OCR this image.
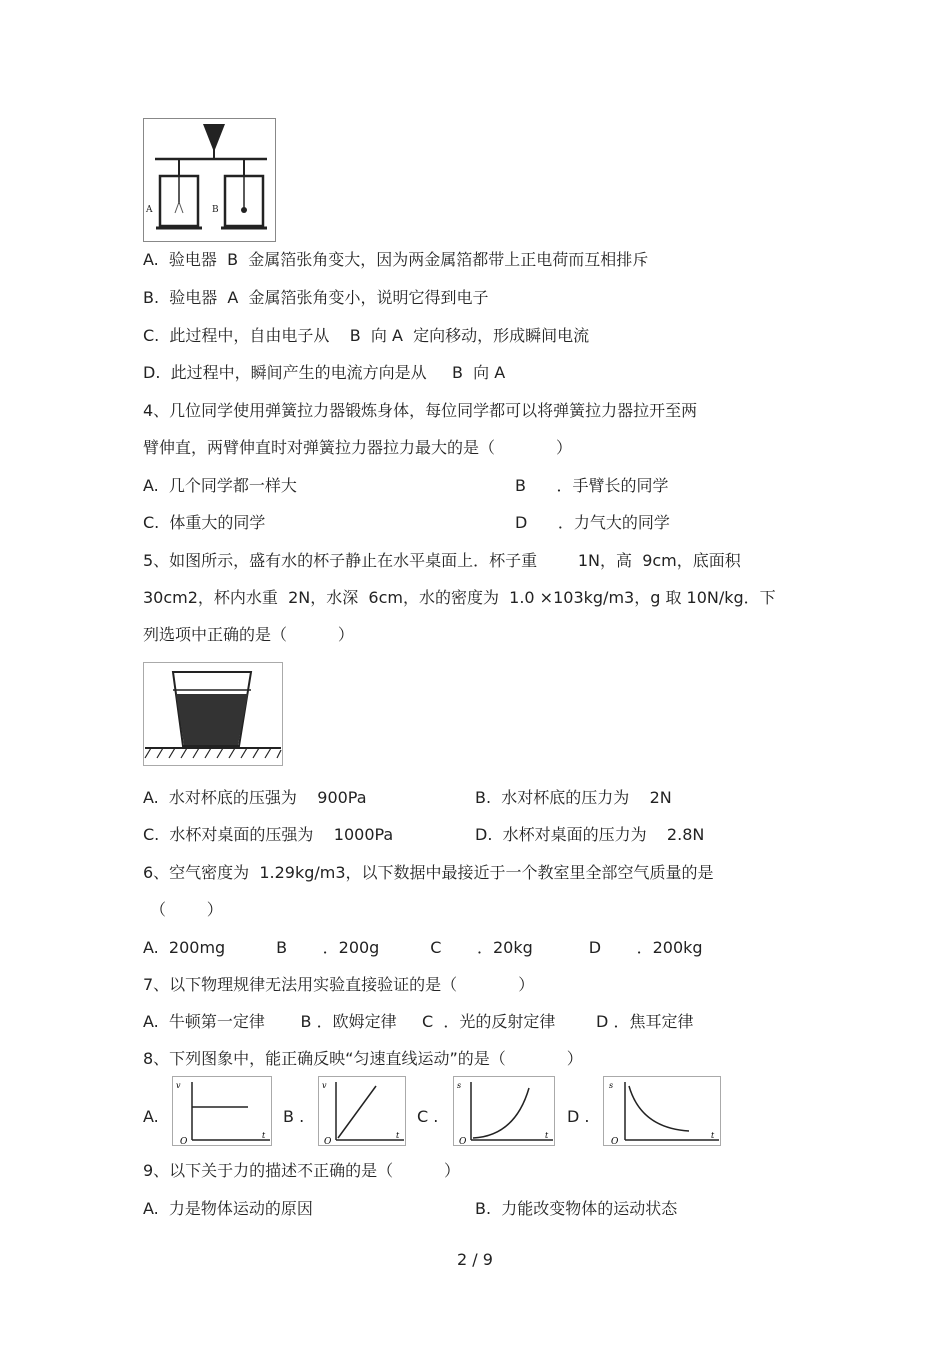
A	B
A.  验电器  B  金属箔张角变大，因为两金属箔都带上正电荷而互相排斥
B.  验电器  A  金属箔张角变小，说明它得到电子
C.  此过程中，自由电子从    B  向 A  定向移动，形成瞬间电流
D.  此过程中，瞬间产生的电流方向是从     B  向 A
4、几位同学使用弹簧拉力器锻炼身体，每位同学都可以将弹簧拉力器拉开至两
臂伸直，两臂伸直时对弹簧拉力器拉力最大的是（            ）
A.  几个同学都一样大	B      ．手臂长的同学
C.  体重大的同学	D      ．力气大的同学
5、如图所示，盛有水的杯子静止在水平桌面上．杯子重        1N，高  9cm，底面积
30cm2，杯内水重  2N，水深  6cm，水的密度为  1.0 ×103kg/m3，g 取 10N/kg．下
列选项中正确的是（          ）
A.  水对杯底的压强为    900Pa	B.  水对杯底的压力为    2N
C.  水杯对桌面的压强为    1000Pa	D.  水杯对桌面的压力为    2.8N
6、空气密度为  1.29kg/m3，以下数据中最接近于一个教室里全部空气质量的是
（        ）
A.  200mg          B       ．200g          C       ．20kg           D       ．200kg
7、以下物理规律无法用实验直接验证的是（            ）
A.  牛顿第一定律       B ．欧姆定律     C  ．光的反射定律        D ．焦耳定律
8、下列图象中，能正确反映“匀速直线运动”的是（            ）
A.
v
t
O
B .
v
t
O
C .
s
t
O
D .
s
t
O
9、以下关于力的描述不正确的是（          ）
A.  力是物体运动的原因	B.  力能改变物体的运动状态
2 / 9
